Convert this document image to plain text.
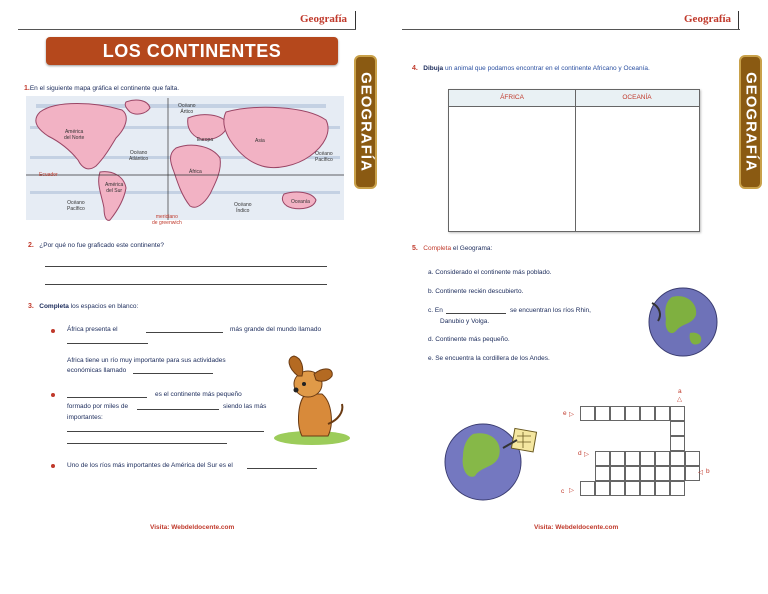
Geografía
LOS CONTINENTES
GEOGRAFÍA
1.En el siguiente mapa gráfica el continente que falta.
Océano
Ártico
América
del Norte	Europa	Asia
Océano
Atlántico
Océano
Pacífico
África
Ecuador
América
del Sur
Océano
Pacífico
meridiano
de greenwich
Océano
Índico
Oceanía
2. ¿Por qué no fue graficado este continente?
3. Completa los espacios en blanco:
África presenta el	más grande del mundo llamado
Africa tiene un río muy importante para sus actividades
económicas llamado
es el continente más pequeño
formado por miles de	siendo las más
importantes:
Uno de los ríos más importantes de América del Sur es el
Visita: Webdeldocente.com
Geografía
GEOGRAFÍA
4. Dibuja un animal que podamos encontrar en el continente Africano y Oceanía.
ÁFRICA	OCEANÍA
5. Completa el Geograma:
a. Considerado el continente más poblado.
b. Continente recién descubierto.
c. En	se encuentran los ríos Rhin,
Danubio y Volga.
d. Continente más pequeño.
e. Se encuentra la cordillera de los Andes.
a
△
e ▷
d ▷
◁ b
c ▷
Visita: Webdeldocente.com
